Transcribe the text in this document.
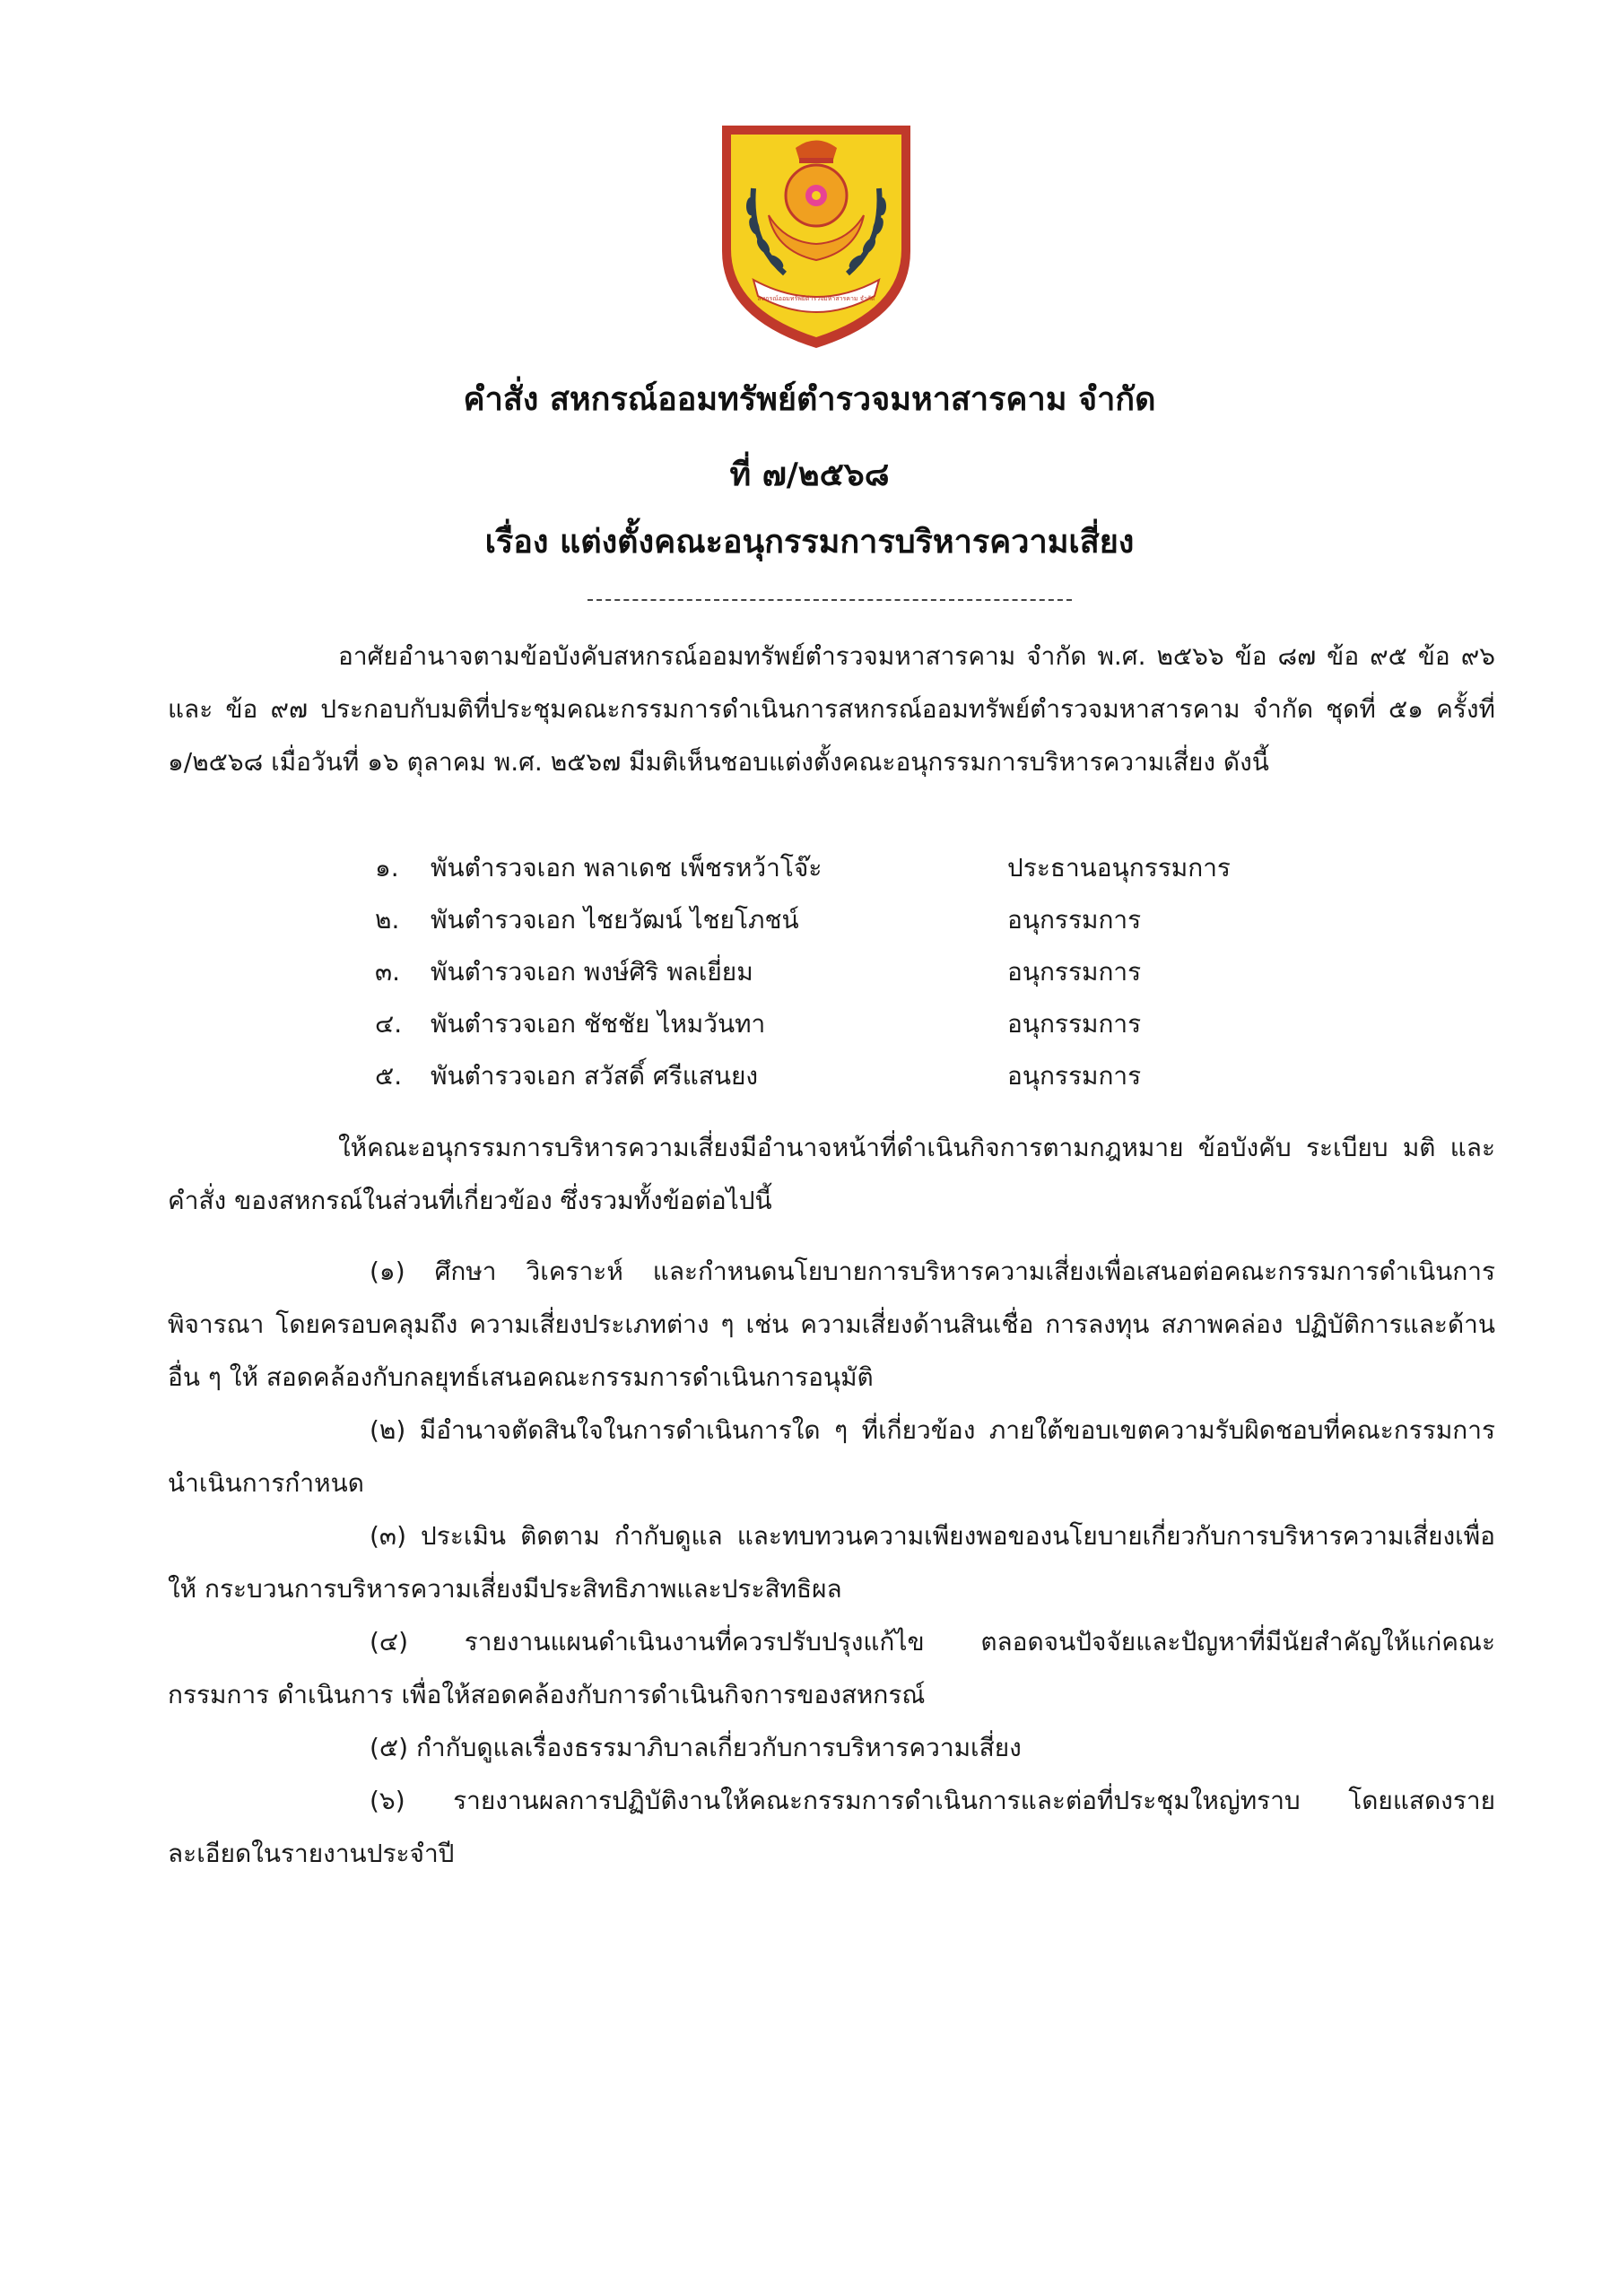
สหกรณ์ออมทรัพย์ตำรวจมหาสารคาม จำกัด
คำสั่ง สหกรณ์ออมทรัพย์ตำรวจมหาสารคาม จำกัด
ที่ ๗/๒๕๖๘
เรื่อง แต่งตั้งคณะอนุกรรมการบริหารความเสี่ยง

อาศัยอำนาจตามข้อบังคับสหกรณ์ออมทรัพย์ตำรวจมหาสารคาม จำกัด พ.ศ. ๒๕๖๖ ข้อ ๘๗ ข้อ ๙๕ ข้อ ๙๖ และ ข้อ ๙๗ ประกอบกับมติที่ประชุมคณะกรรมการดำเนินการสหกรณ์ออมทรัพย์ตำรวจมหาสารคาม จำกัด ชุดที่ ๕๑ ครั้งที่ ๑/๒๕๖๘ เมื่อวันที่ ๑๖ ตุลาคม พ.ศ. ๒๕๖๗ มีมติเห็นชอบแต่งตั้งคณะอนุกรรมการบริหารความเสี่ยง ดังนี้

๑. พันตำรวจเอก พลาเดช เพ็ชรหว้าโจ๊ะ	ประธานอนุกรรมการ
๒. พันตำรวจเอก ไชยวัฒน์ ไชยโภชน์	อนุกรรมการ
๓. พันตำรวจเอก พงษ์ศิริ พลเยี่ยม	อนุกรรมการ
๔. พันตำรวจเอก ชัชชัย ไหมวันทา	อนุกรรมการ
๕. พันตำรวจเอก สวัสดิ์ ศรีแสนยง	อนุกรรมการ

ให้คณะอนุกรรมการบริหารความเสี่ยงมีอำนาจหน้าที่ดำเนินกิจการตามกฎหมาย ข้อบังคับ ระเบียบ มติ และคำสั่ง ของสหกรณ์ในส่วนที่เกี่ยวข้อง ซึ่งรวมทั้งข้อต่อไปนี้

(๑) ศึกษา วิเคราะห์ และกำหนดนโยบายการบริหารความเสี่ยงเพื่อเสนอต่อคณะกรรมการดำเนินการพิจารณา โดยครอบคลุมถึง ความเสี่ยงประเภทต่าง ๆ เช่น ความเสี่ยงด้านสินเชื่อ การลงทุน สภาพคล่อง ปฏิบัติการและด้านอื่น ๆ ให้ สอดคล้องกับกลยุทธ์เสนอคณะกรรมการดำเนินการอนุมัติ
(๒) มีอำนาจตัดสินใจในการดำเนินการใด ๆ ที่เกี่ยวข้อง ภายใต้ขอบเขตความรับผิดชอบที่คณะกรรมการนำเนินการกำหนด
(๓) ประเมิน ติดตาม กำกับดูแล และทบทวนความเพียงพอของนโยบายเกี่ยวกับการบริหารความเสี่ยงเพื่อให้ กระบวนการบริหารความเสี่ยงมีประสิทธิภาพและประสิทธิผล
(๔) รายงานแผนดำเนินงานที่ควรปรับปรุงแก้ไข ตลอดจนปัจจัยและปัญหาที่มีนัยสำคัญให้แก่คณะกรรมการ ดำเนินการ เพื่อให้สอดคล้องกับการดำเนินกิจการของสหกรณ์
(๕) กำกับดูแลเรื่องธรรมาภิบาลเกี่ยวกับการบริหารความเสี่ยง
(๖) รายงานผลการปฏิบัติงานให้คณะกรรมการดำเนินการและต่อที่ประชุมใหญ่ทราบ โดยแสดงรายละเอียดในรายงานประจำปี
